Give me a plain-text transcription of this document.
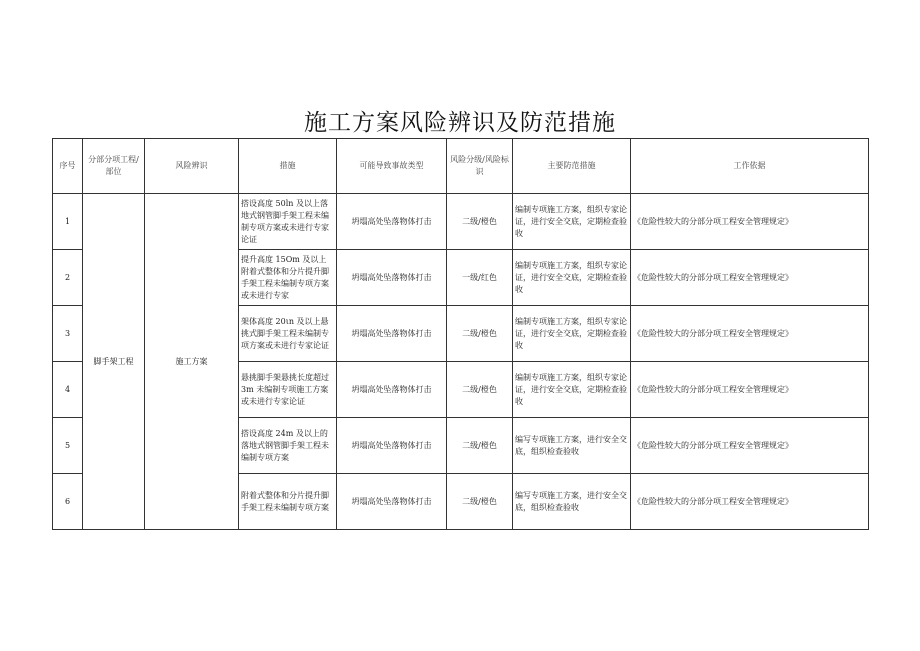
施工方案风险辨识及防范措施
序号	分部分项工程/部位	风险辨识	措施	可能导致事故类型	风险分级/风险标识	主要防范措施	工作依据
1	脚手架工程	施工方案	搭设高度 50ln 及以上落地式钢管脚手架工程未编制专项方案或未进行专家论证	坍塌高处坠落物体打击	二级/橙色	编制专项施工方案，组织专家论证，进行安全交底，定期检查验收	《危险性较大的分部分项工程安全管理规定》
2			提升高度 15Om 及以上附着式整体和分片提升脚手架工程未编制专项方案或未进行专家	坍塌高处坠落物体打击	一级/红色	编制专项施工方案，组织专家论证，进行安全交底，定期检查验收	《危险性较大的分部分项工程安全管理规定》
3			架体高度 20ιn 及以上悬挑式脚手架工程未编制专项方案或未进行专家论证	坍塌高处坠落物体打击	二级/橙色	编制专项施工方案，组织专家论证，进行安全交底，定期检查验收	《危险性较大的分部分项工程安全管理规定》
4			悬挑脚手架悬挑长度超过 3m 未编制专项施工方案或未进行专家论证	坍塌高处坠落物体打击	二级/橙色	编制专项施工方案，组织专家论证，进行安全交底，定期检查验收	《危险性较大的分部分项工程安全管理规定》
5			搭设高度 24m 及以上的落地式钢管脚手架工程未编制专项方案	坍塌高处坠落物体打击	二级/橙色	编写专项施工方案，进行安全交底，组织检查验收	《危险性较大的分部分项工程安全管理规定》
6			附着式整体和分片提升脚手架工程未编制专项方案	坍塌高处坠落物体打击	二级/橙色	编写专项施工方案，进行安全交底，组织检查验收	《危险性较大的分部分项工程安全管理规定》
